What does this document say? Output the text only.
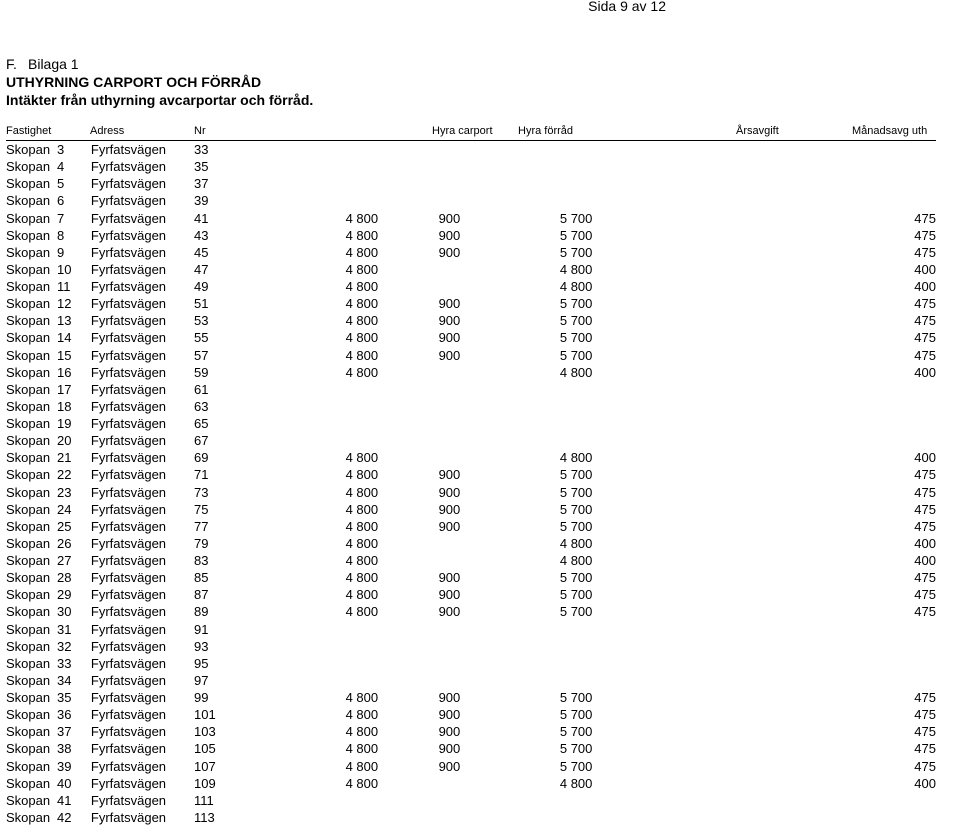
Sida 9 av 12
F. Bilaga 1
UTHYRNING CARPORT OCH FÖRRÅD
Intäkter från uthyrning avcarportar och förråd.
Fastighet	Adress	Nr	Hyra carport Hyra förråd	Årsavgift	Månadsavg uth
Skopan 3	Fyrfatsvägen	33				
Skopan 4	Fyrfatsvägen	35				
Skopan 5	Fyrfatsvägen	37				
Skopan 6	Fyrfatsvägen	39				
Skopan 7	Fyrfatsvägen	41	4 800	900	5 700	475
Skopan 8	Fyrfatsvägen	43	4 800	900	5 700	475
Skopan 9	Fyrfatsvägen	45	4 800	900	5 700	475
Skopan 10	Fyrfatsvägen	47	4 800		4 800	400
Skopan 11	Fyrfatsvägen	49	4 800		4 800	400
Skopan 12	Fyrfatsvägen	51	4 800	900	5 700	475
Skopan 13	Fyrfatsvägen	53	4 800	900	5 700	475
Skopan 14	Fyrfatsvägen	55	4 800	900	5 700	475
Skopan 15	Fyrfatsvägen	57	4 800	900	5 700	475
Skopan 16	Fyrfatsvägen	59	4 800		4 800	400
Skopan 17	Fyrfatsvägen	61				
Skopan 18	Fyrfatsvägen	63				
Skopan 19	Fyrfatsvägen	65				
Skopan 20	Fyrfatsvägen	67				
Skopan 21	Fyrfatsvägen	69	4 800		4 800	400
Skopan 22	Fyrfatsvägen	71	4 800	900	5 700	475
Skopan 23	Fyrfatsvägen	73	4 800	900	5 700	475
Skopan 24	Fyrfatsvägen	75	4 800	900	5 700	475
Skopan 25	Fyrfatsvägen	77	4 800	900	5 700	475
Skopan 26	Fyrfatsvägen	79	4 800		4 800	400
Skopan 27	Fyrfatsvägen	83	4 800		4 800	400
Skopan 28	Fyrfatsvägen	85	4 800	900	5 700	475
Skopan 29	Fyrfatsvägen	87	4 800	900	5 700	475
Skopan 30	Fyrfatsvägen	89	4 800	900	5 700	475
Skopan 31	Fyrfatsvägen	91				
Skopan 32	Fyrfatsvägen	93				
Skopan 33	Fyrfatsvägen	95				
Skopan 34	Fyrfatsvägen	97				
Skopan 35	Fyrfatsvägen	99	4 800	900	5 700	475
Skopan 36	Fyrfatsvägen	101	4 800	900	5 700	475
Skopan 37	Fyrfatsvägen	103	4 800	900	5 700	475
Skopan 38	Fyrfatsvägen	105	4 800	900	5 700	475
Skopan 39	Fyrfatsvägen	107	4 800	900	5 700	475
Skopan 40	Fyrfatsvägen	109	4 800		4 800	400
Skopan 41	Fyrfatsvägen	111				
Skopan 42	Fyrfatsvägen	113				
